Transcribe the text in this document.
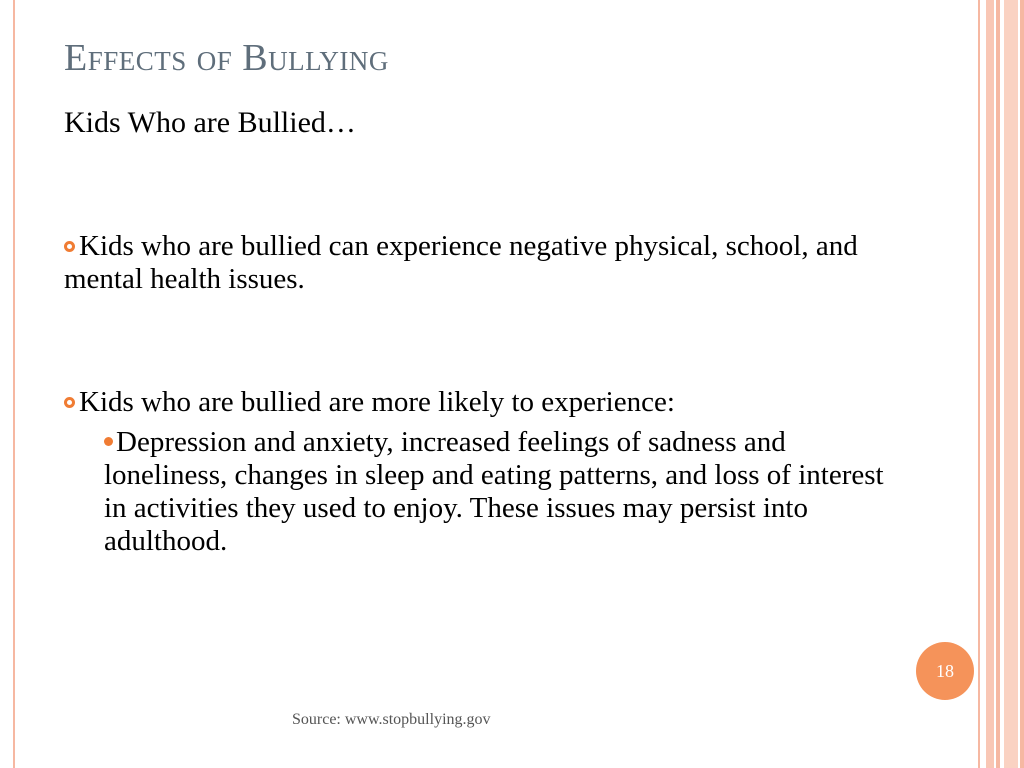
Effects of Bullying
Kids Who are Bullied…
Kids who are bullied can experience negative physical, school, and mental health issues.
Kids who are bullied are more likely to experience:
Depression and anxiety, increased feelings of sadness and loneliness, changes in sleep and eating patterns, and loss of interest in activities they used to enjoy. These issues may persist into adulthood.
18
Source: www.stopbullying.gov
